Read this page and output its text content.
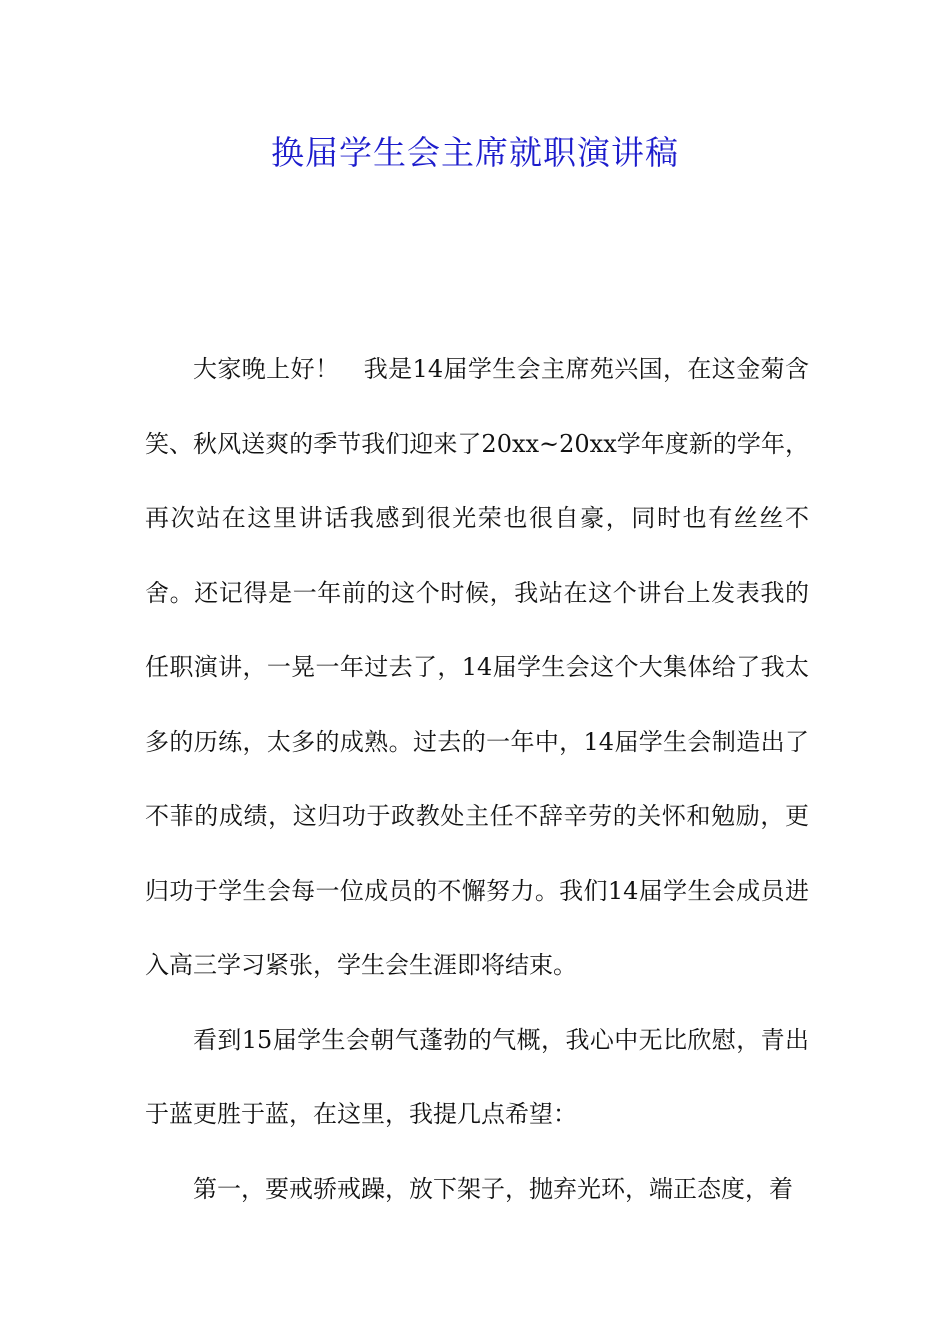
换届学生会主席就职演讲稿

大家晚上好！　我是14届学生会主席苑兴国，在这金菊含笑、秋风送爽的季节我们迎来了20xx~20xx学年度新的学年，再次站在这里讲话我感到很光荣也很自豪，同时也有丝丝不舍。还记得是一年前的这个时候，我站在这个讲台上发表我的任职演讲，一晃一年过去了，14届学生会这个大集体给了我太多的历练，太多的成熟。过去的一年中，14届学生会制造出了不菲的成绩，这归功于政教处主任不辞辛劳的关怀和勉励，更归功于学生会每一位成员的不懈努力。我们14届学生会成员进入高三学习紧张，学生会生涯即将结束。

看到15届学生会朝气蓬勃的气概，我心中无比欣慰，青出于蓝更胜于蓝，在这里，我提几点希望：

第一，要戒骄戒躁，放下架子，抛弃光环，端正态度，着
